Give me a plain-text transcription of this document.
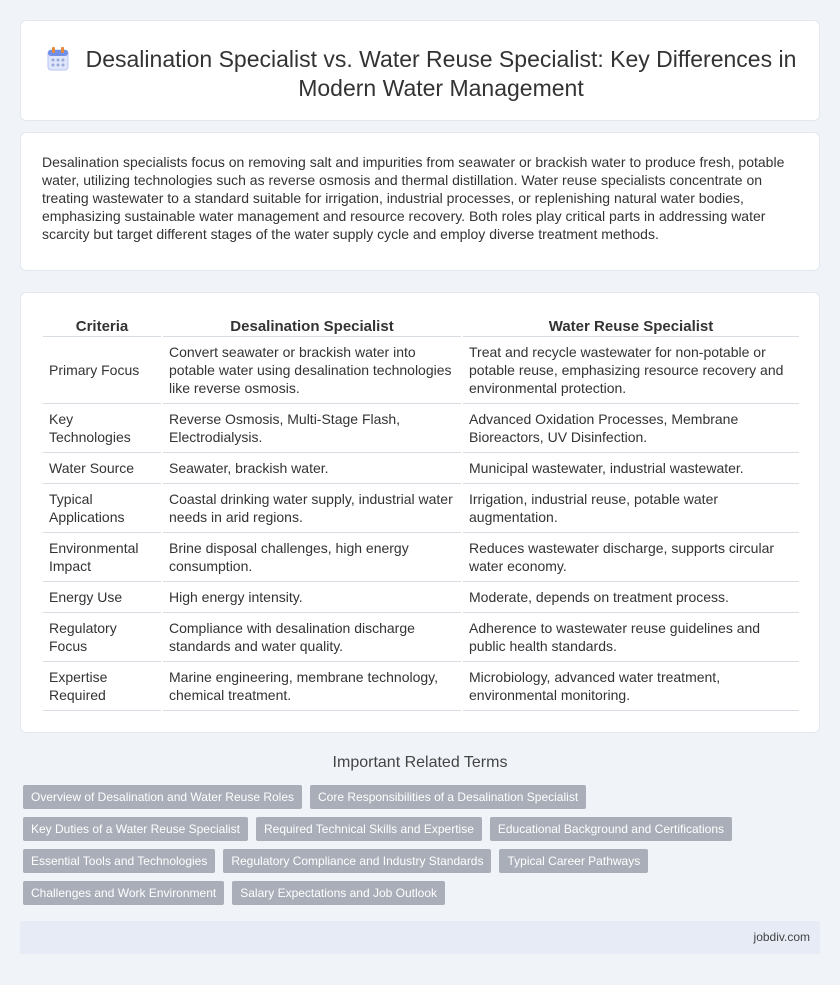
Desalination Specialist vs. Water Reuse Specialist: Key Differences in Modern Water Management

Desalination specialists focus on removing salt and impurities from seawater or brackish water to produce fresh, potable water, utilizing technologies such as reverse osmosis and thermal distillation. Water reuse specialists concentrate on treating wastewater to a standard suitable for irrigation, industrial processes, or replenishing natural water bodies, emphasizing sustainable water management and resource recovery. Both roles play critical parts in addressing water scarcity but target different stages of the water supply cycle and employ diverse treatment methods.

Criteria	Desalination Specialist	Water Reuse Specialist
Primary Focus	Convert seawater or brackish water into potable water using desalination technologies like reverse osmosis.	Treat and recycle wastewater for non-potable or potable reuse, emphasizing resource recovery and environmental protection.
Key Technologies	Reverse Osmosis, Multi-Stage Flash, Electrodialysis.	Advanced Oxidation Processes, Membrane Bioreactors, UV Disinfection.
Water Source	Seawater, brackish water.	Municipal wastewater, industrial wastewater.
Typical Applications	Coastal drinking water supply, industrial water needs in arid regions.	Irrigation, industrial reuse, potable water augmentation.
Environmental Impact	Brine disposal challenges, high energy consumption.	Reduces wastewater discharge, supports circular water economy.
Energy Use	High energy intensity.	Moderate, depends on treatment process.
Regulatory Focus	Compliance with desalination discharge standards and water quality.	Adherence to wastewater reuse guidelines and public health standards.
Expertise Required	Marine engineering, membrane technology, chemical treatment.	Microbiology, advanced water treatment, environmental monitoring.
Important Related Terms
Overview of Desalination and Water Reuse Roles	Core Responsibilities of a Desalination Specialist
Key Duties of a Water Reuse Specialist	Required Technical Skills and Expertise	Educational Background and Certifications
Essential Tools and Technologies	Regulatory Compliance and Industry Standards	Typical Career Pathways
Challenges and Work Environment	Salary Expectations and Job Outlook
jobdiv.com
